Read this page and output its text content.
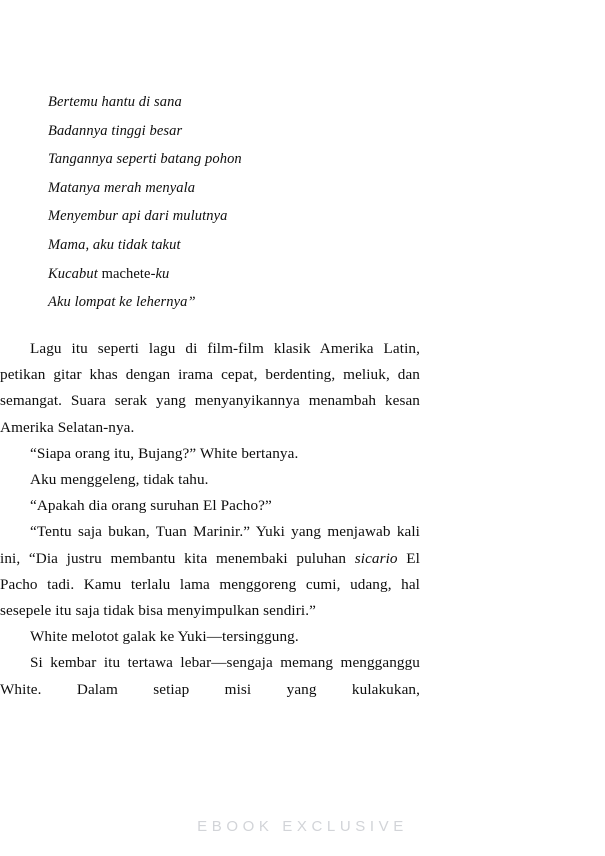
Bertemu hantu di sana
Badannya tinggi besar
Tangannya seperti batang pohon
Matanya merah menyala
Menyembur api dari mulutnya
Mama, aku tidak takut
Kucabut machete-ku
Aku lompat ke lehernya”

Lagu itu seperti lagu di film-film klasik Amerika Latin, petikan gitar khas dengan irama cepat, berdenting, meliuk, dan semangat. Suara serak yang menyanyikannya menambah kesan Amerika Selatan-nya.

“Siapa orang itu, Bujang?” White bertanya.

Aku menggeleng, tidak tahu.

“Apakah dia orang suruhan El Pacho?”

“Tentu saja bukan, Tuan Marinir.” Yuki yang menjawab kali ini, “Dia justru membantu kita menembaki puluhan sicario El Pacho tadi. Kamu terlalu lama menggoreng cumi, udang, hal sesepele itu saja tidak bisa menyimpulkan sendiri.”

White melotot galak ke Yuki—tersinggung.

Si kembar itu tertawa lebar—sengaja memang mengganggu White. Dalam setiap misi yang kulakukan,

EBOOK EXCLUSIVE
